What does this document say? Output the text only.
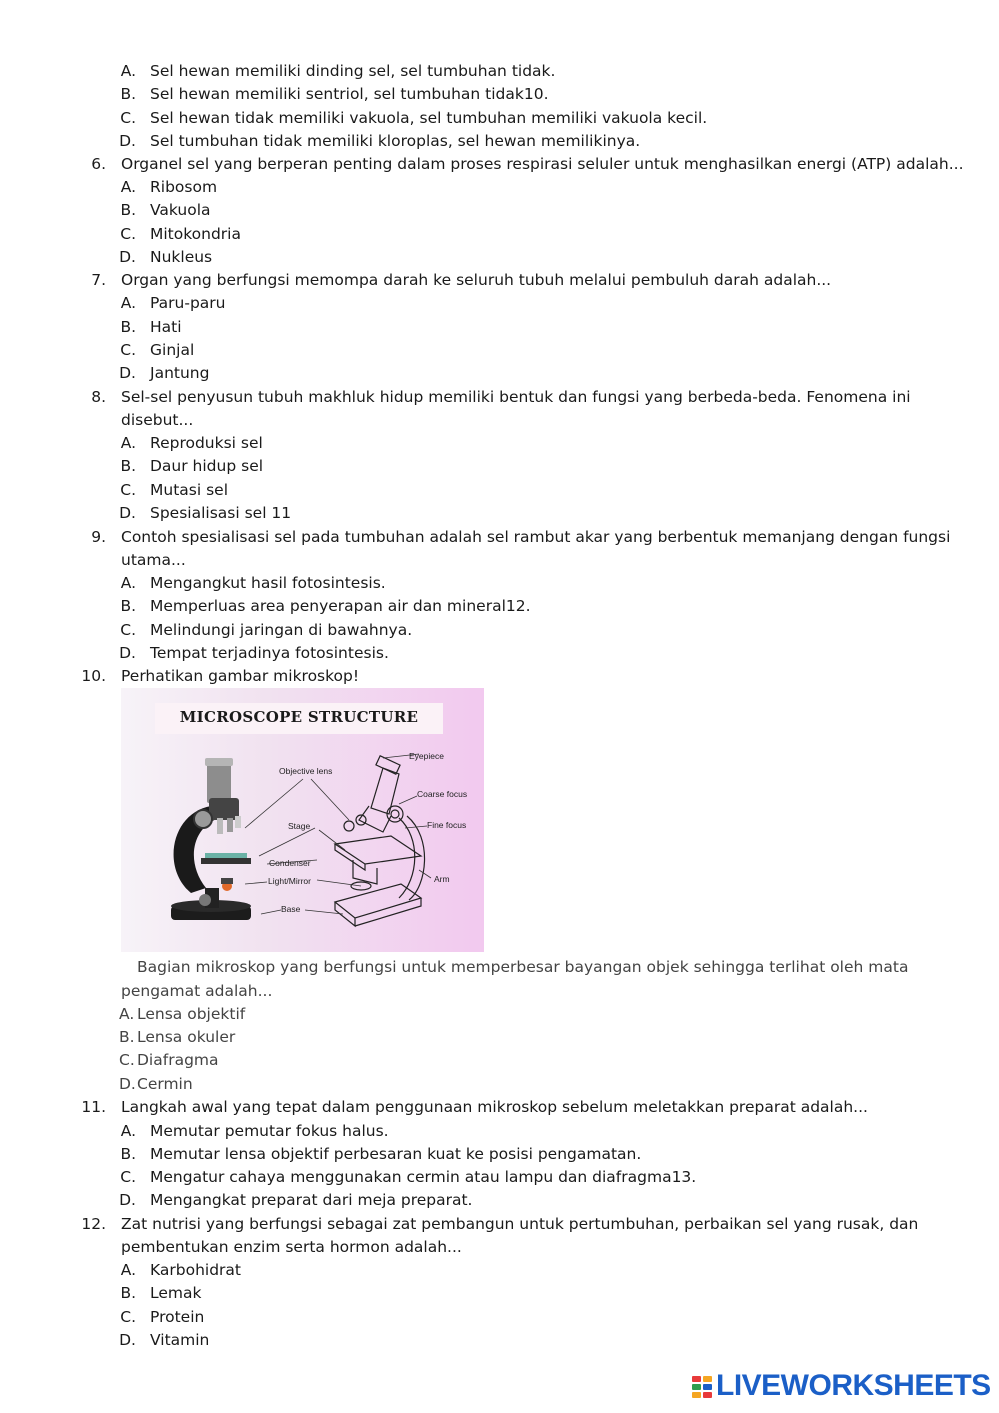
A. Sel hewan memiliki dinding sel, sel tumbuhan tidak.
B. Sel hewan memiliki sentriol, sel tumbuhan tidak10.
C. Sel hewan tidak memiliki vakuola, sel tumbuhan memiliki vakuola kecil.
D. Sel tumbuhan tidak memiliki kloroplas, sel hewan memilikinya.
6. Organel sel yang berperan penting dalam proses respirasi seluler untuk menghasilkan energi (ATP) adalah...
A. Ribosom
B. Vakuola
C. Mitokondria
D. Nukleus
7. Organ yang berfungsi memompa darah ke seluruh tubuh melalui pembuluh darah adalah...
A. Paru-paru
B. Hati
C. Ginjal
D. Jantung
8. Sel-sel penyusun tubuh makhluk hidup memiliki bentuk dan fungsi yang berbeda-beda. Fenomena ini
disebut...
A. Reproduksi sel
B. Daur hidup sel
C. Mutasi sel
D. Spesialisasi sel 11
9. Contoh spesialisasi sel pada tumbuhan adalah sel rambut akar yang berbentuk memanjang dengan fungsi
utama...
A. Mengangkut hasil fotosintesis.
B. Memperluas area penyerapan air dan mineral12.
C. Melindungi jaringan di bawahnya.
D. Tempat terjadinya fotosintesis.
10. Perhatikan gambar mikroskop!
MICROSCOPE STRUCTURE
Eyepiece
Objective lens
Coarse focus
Fine focus
Stage
Condenser
Light/Mirror	Arm
Base
Bagian mikroskop yang berfungsi untuk memperbesar bayangan objek sehingga terlihat oleh mata
pengamat adalah...
A. Lensa objektif
B. Lensa okuler
C. Diafragma
D. Cermin
11. Langkah awal yang tepat dalam penggunaan mikroskop sebelum meletakkan preparat adalah...
A. Memutar pemutar fokus halus.
B. Memutar lensa objektif perbesaran kuat ke posisi pengamatan.
C. Mengatur cahaya menggunakan cermin atau lampu dan diafragma13.
D. Mengangkat preparat dari meja preparat.
12. Zat nutrisi yang berfungsi sebagai zat pembangun untuk pertumbuhan, perbaikan sel yang rusak, dan
pembentukan enzim serta hormon adalah...
A. Karbohidrat
B. Lemak
C. Protein
D. Vitamin
LIVEWORKSHEETS
